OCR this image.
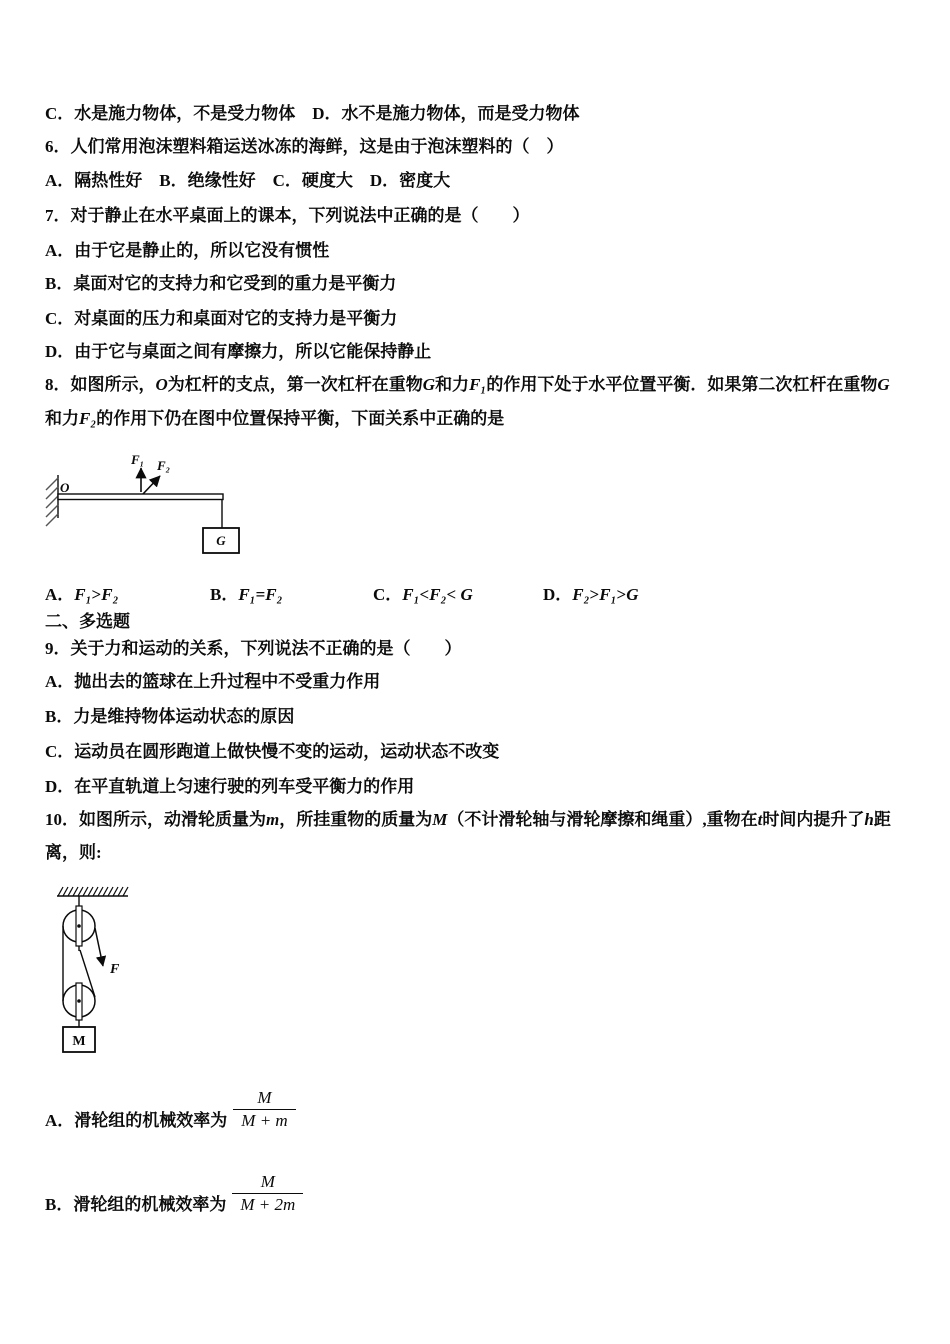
C．水是施力物体，不是受力物体　D．水不是施力物体，而是受力物体
6．人们常用泡沫塑料箱运送冰冻的海鲜，这是由于泡沫塑料的（　）
A．隔热性好　B．绝缘性好　C．硬度大　D．密度大
7．对于静止在水平桌面上的课本，下列说法中正确的是（　　）
A．由于它是静止的，所以它没有惯性
B．桌面对它的支持力和它受到的重力是平衡力
C．对桌面的压力和桌面对它的支持力是平衡力
D．由于它与桌面之间有摩擦力，所以它能保持静止
8．如图所示，O为杠杆的支点，第一次杠杆在重物G和力F₁的作用下处于水平位置平衡．如果第二次杠杆在重物G
和力F₂的作用下仍在图中位置保持平衡，下面关系中正确的是
O
F₁ F₂
G
A．F₁>F₂	B．F₁=F₂	C．F₁<F₂< G	D．F₂>F₁>G
二、多选题
9．关于力和运动的关系，下列说法不正确的是（　　）
A．抛出去的篮球在上升过程中不受重力作用
B．力是维持物体运动状态的原因
C．运动员在圆形跑道上做快慢不变的运动，运动状态不改变
D．在平直轨道上匀速行驶的列车受平衡力的作用
10．如图所示，动滑轮质量为m，所挂重物的质量为M（不计滑轮轴与滑轮摩擦和绳重）,重物在t时间内提升了h距
离，则:
F
M
A．滑轮组的机械效率为 $\frac{M}{M + m}$
B．滑轮组的机械效率为 $\frac{M}{M + 2m}$
